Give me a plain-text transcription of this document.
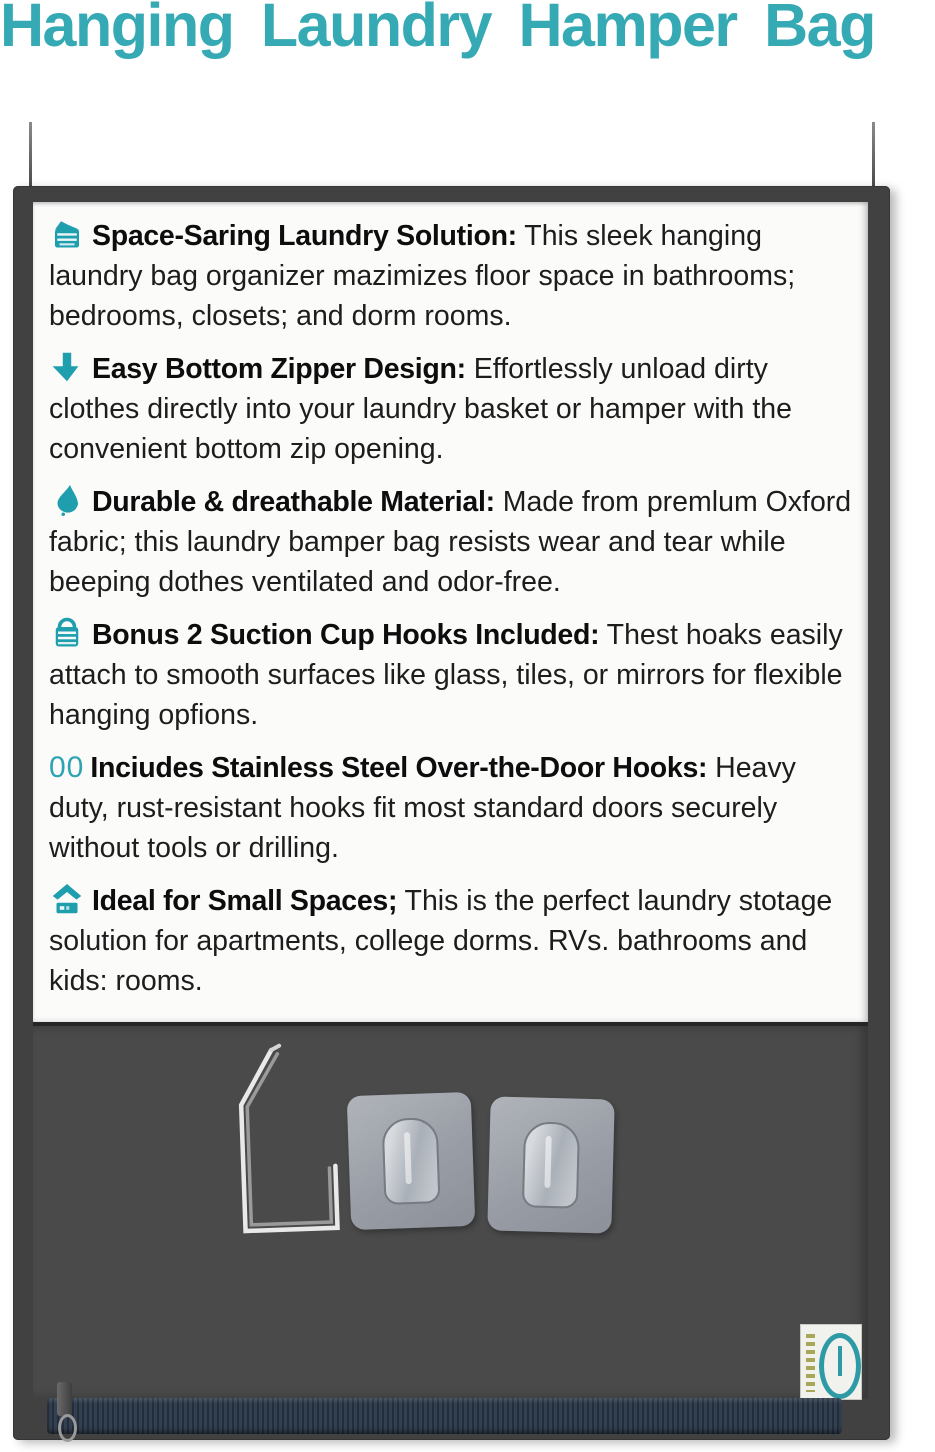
Hanging Laundry Hamper Bag

Space-Saring Laundry Solution: This sleek hanging laundry bag organizer mazimizes floor space in bathrooms; bedrooms, closets; and dorm rooms.

Easy Bottom Zipper Design: Effortlessly unload dirty clothes directly into your laundry basket or hamper with the convenient bottom zip opening.

Durable & dreathable Material: Made from premlum Oxford fabric; this laundry bamper bag resists wear and tear while beeping dothes ventilated and odor-free.

Bonus 2 Suction Cup Hooks Included: Thest hoaks easily attach to smooth surfaces like glass, tiles, or mirrors for flexible hanging opfions.

00 Inciudes Stainless Steel Over-the-Door Hooks: Heavy duty, rust-resistant hooks fit most standard doors securely without tools or drilling.

Ideal for Small Spaces; This is the perfect laundry stotage solution for apartments, college dorms. RVs. bathrooms and kids: rooms.
